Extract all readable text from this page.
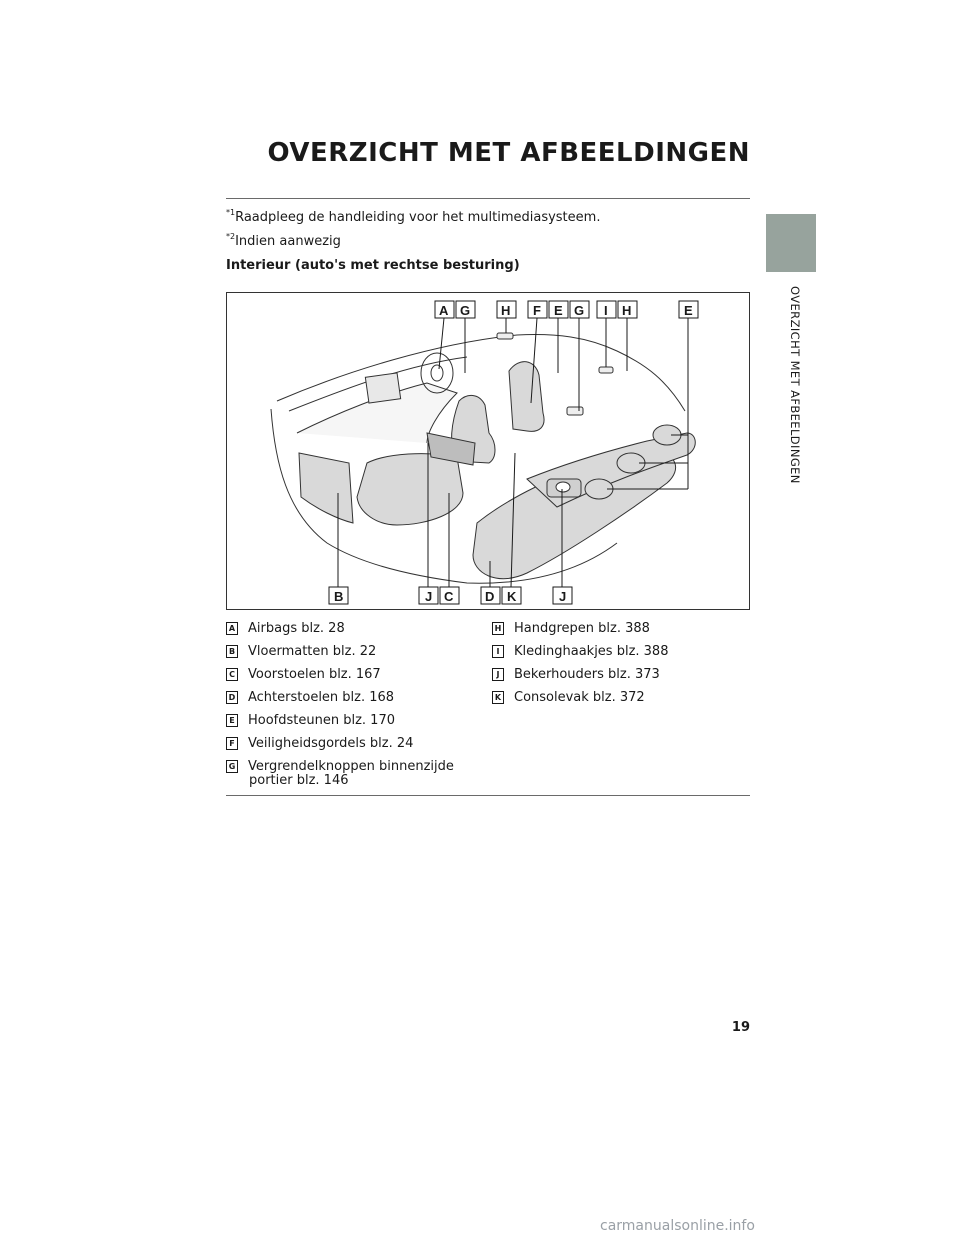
OVERZICHT MET AFBEELDINGEN
OVERZICHT MET AFBEELDINGEN
$^{*1}$Raadpleeg de handleiding voor het multimediasysteem.
$^{*2}$Indien aanwezig
Interieur (auto's met rechtse besturing)
A G H F E G I H	E
B	J C D K	J
A Airbags blz. 28
B Vloermatten blz. 22
C Voorstoelen blz. 167
D Achterstoelen blz. 168
E Hoofdsteunen blz. 170
F Veiligheidsgordels blz. 24
G Vergrendelknoppen binnenzijde
portier blz. 146
H Handgrepen blz. 388
I Kledinghaakjes blz. 388
J Bekerhouders blz. 373
K Consolevak blz. 372
19
carmanualsonline.info
